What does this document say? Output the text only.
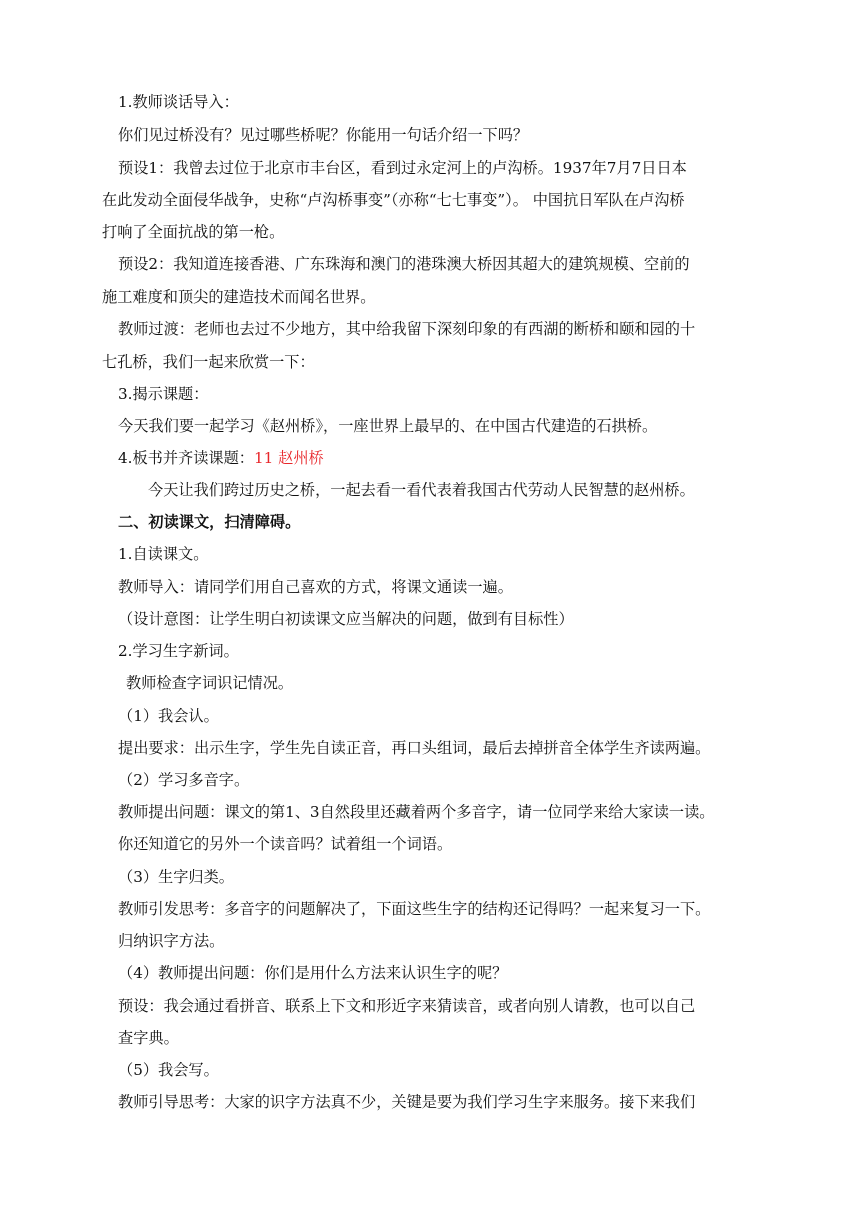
1.教师谈话导入：
你们见过桥没有？见过哪些桥呢？你能用一句话介绍一下吗？
预设1：我曾去过位于北京市丰台区，看到过永定河上的卢沟桥。1937年7月7日日本
在此发动全面侵华战争，史称“卢沟桥事变”（亦称“七七事变”）。 中国抗日军队在卢沟桥
打响了全面抗战的第一枪。
预设2：我知道连接香港、广东珠海和澳门的港珠澳大桥因其超大的建筑规模、空前的
施工难度和顶尖的建造技术而闻名世界。
教师过渡：老师也去过不少地方，其中给我留下深刻印象的有西湖的断桥和颐和园的十
七孔桥，我们一起来欣赏一下：
3.揭示课题：
今天我们要一起学习《赵州桥》，一座世界上最早的、在中国古代建造的石拱桥。
4.板书并齐读课题：11 赵州桥
今天让我们跨过历史之桥，一起去看一看代表着我国古代劳动人民智慧的赵州桥。
二、初读课文，扫清障碍。
1.自读课文。
教师导入：请同学们用自己喜欢的方式，将课文通读一遍。
（设计意图：让学生明白初读课文应当解决的问题，做到有目标性）
2.学习生字新词。
教师检查字词识记情况。
（1）我会认。
提出要求：出示生字，学生先自读正音，再口头组词，最后去掉拼音全体学生齐读两遍。
（2）学习多音字。
教师提出问题：课文的第1、3自然段里还藏着两个多音字，请一位同学来给大家读一读。
你还知道它的另外一个读音吗？试着组一个词语。
（3）生字归类。
教师引发思考：多音字的问题解决了，下面这些生字的结构还记得吗？一起来复习一下。
归纳识字方法。
（4）教师提出问题：你们是用什么方法来认识生字的呢？
预设：我会通过看拼音、联系上下文和形近字来猜读音，或者向别人请教，也可以自己
查字典。
（5）我会写。
教师引导思考：大家的识字方法真不少，关键是要为我们学习生字来服务。接下来我们
